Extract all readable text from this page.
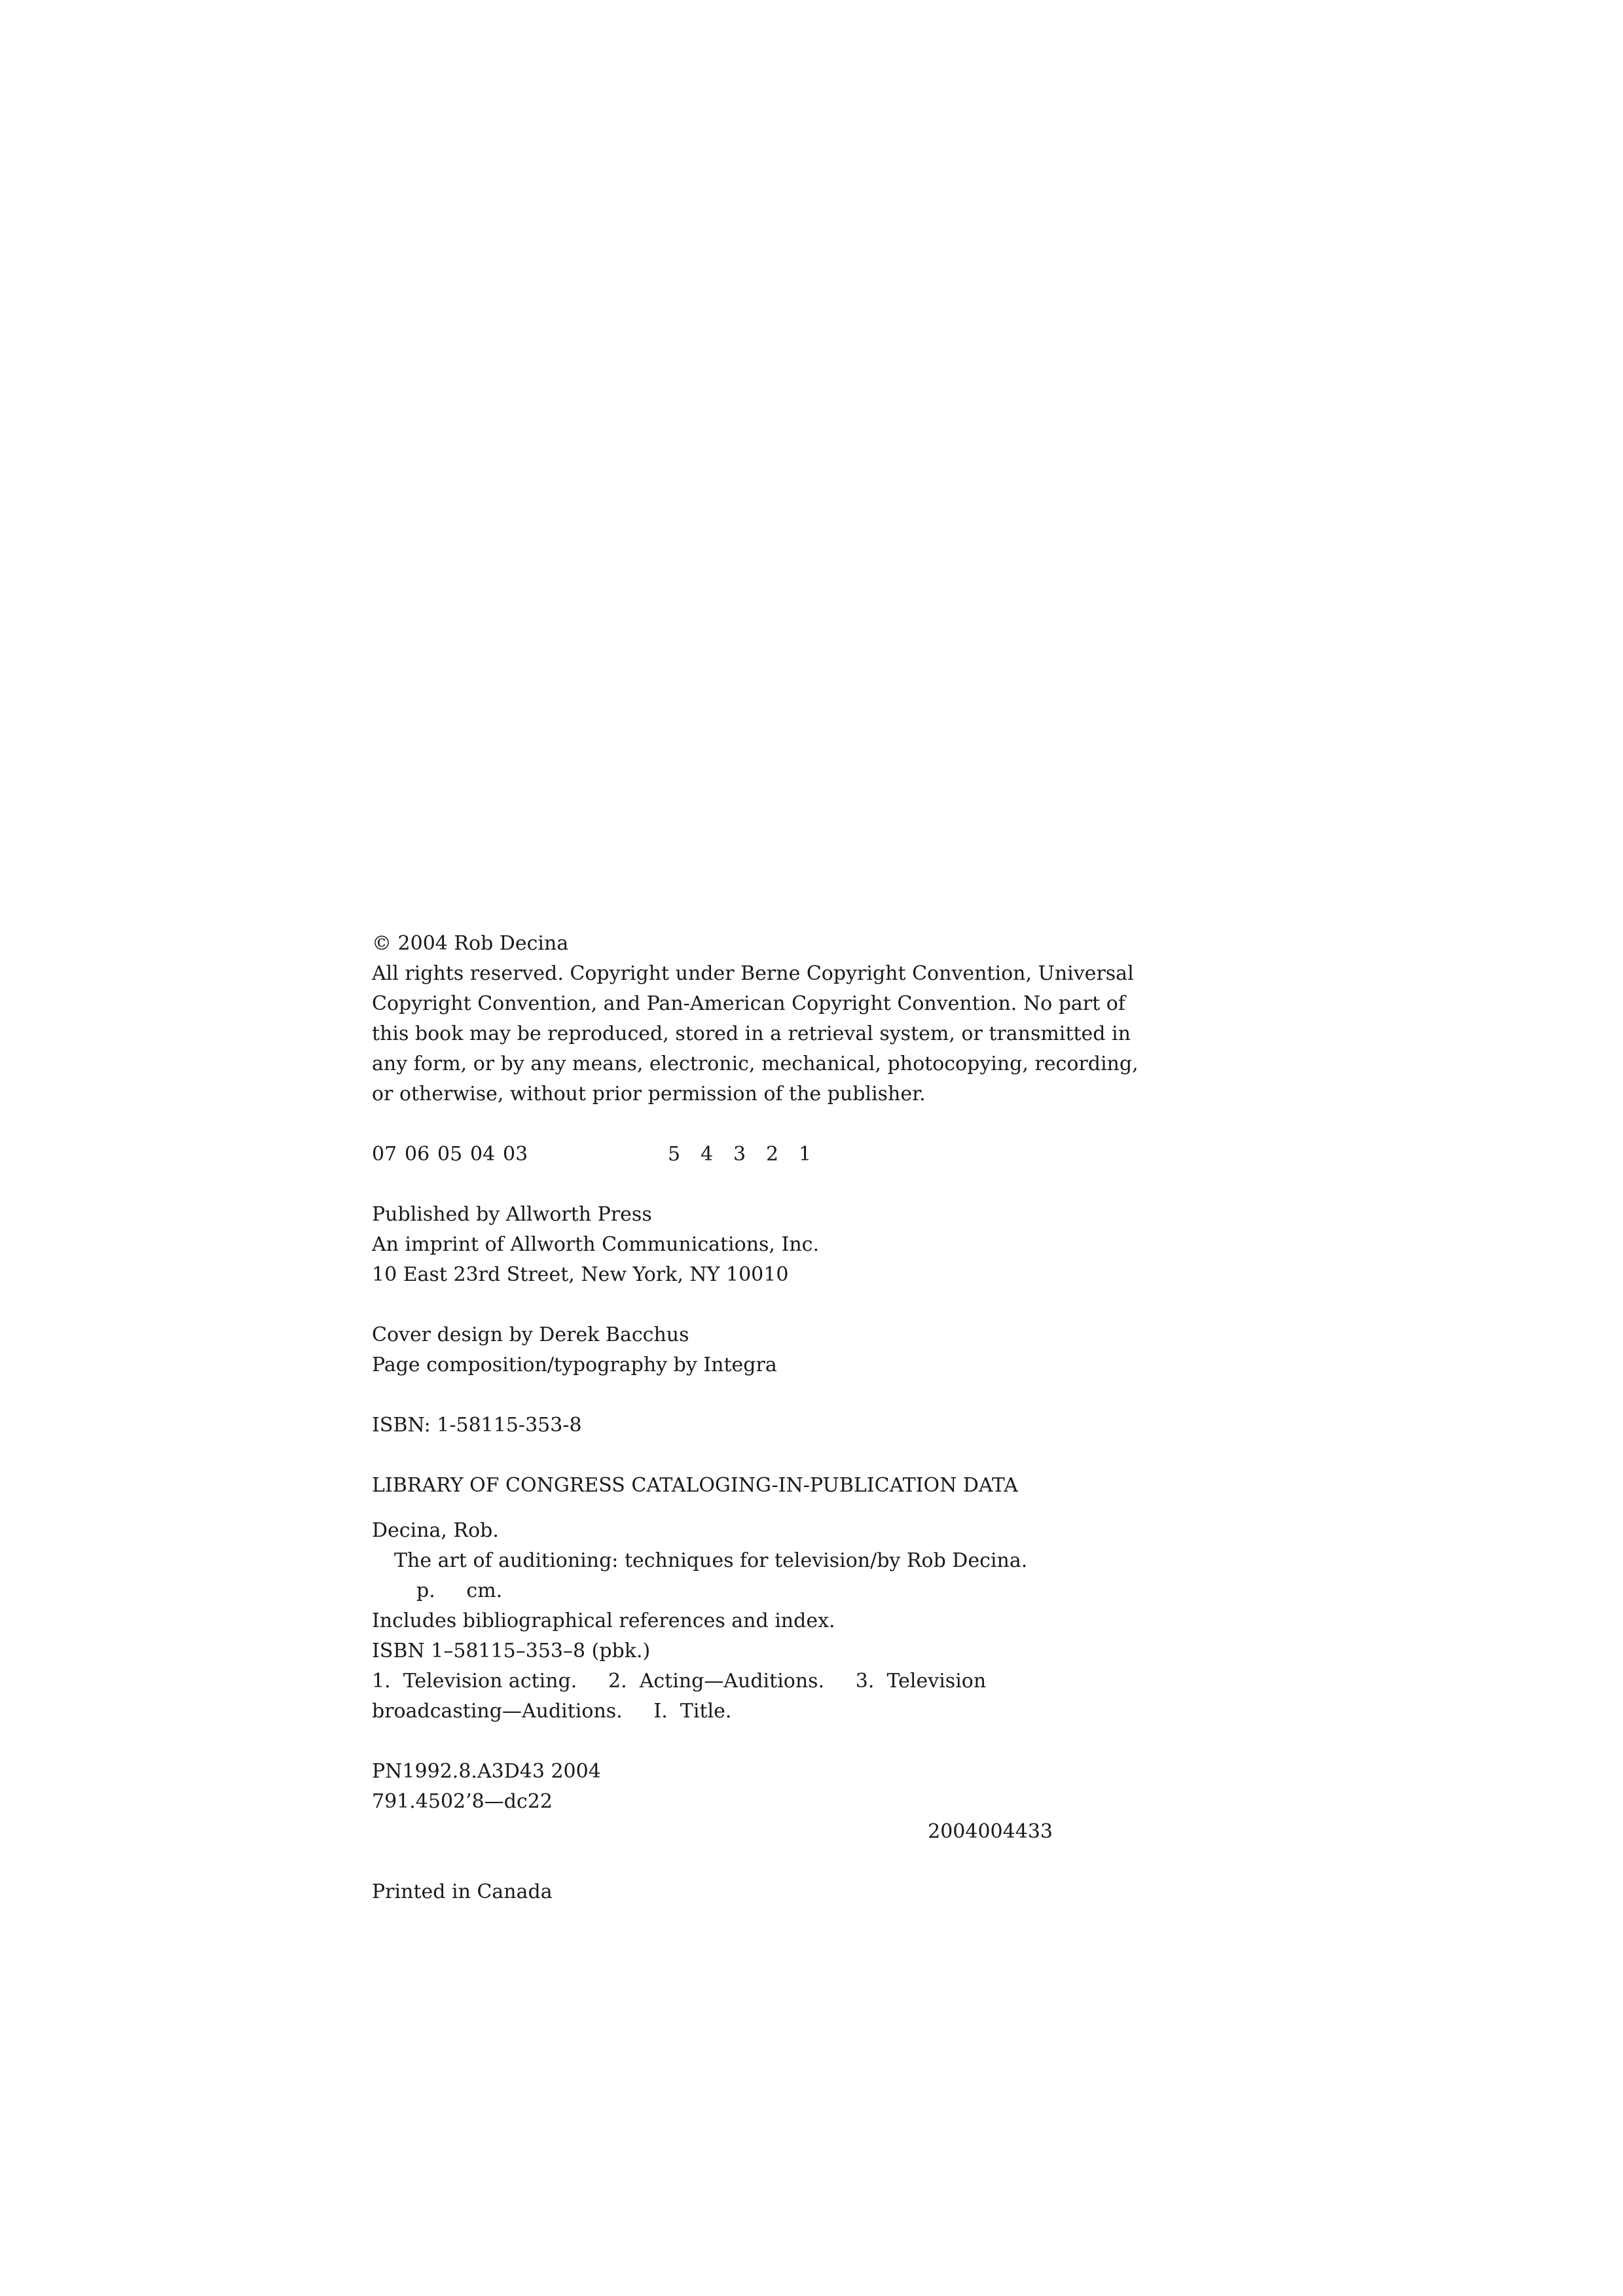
© 2004 Rob Decina
All rights reserved. Copyright under Berne Copyright Convention, Universal
Copyright Convention, and Pan-American Copyright Convention. No part of
this book may be reproduced, stored in a retrieval system, or transmitted in
any form, or by any means, electronic, mechanical, photocopying, recording,
or otherwise, without prior permission of the publisher.
07 06 05 04 03	5 4 3 2 1
Published by Allworth Press
An imprint of Allworth Communications, Inc.
10 East 23rd Street, New York, NY 10010
Cover design by Derek Bacchus
Page composition/typography by Integra
ISBN: 1-58115-353-8
LIBRARY OF CONGRESS CATALOGING-IN-PUBLICATION DATA
Decina, Rob.
The art of auditioning: techniques for television/by Rob Decina.
p.     cm.
Includes bibliographical references and index.
ISBN 1–58115–353–8 (pbk.)
1.  Television acting.     2.  Acting—Auditions.     3.  Television
broadcasting—Auditions.     I.  Title.
PN1992.8.A3D43 2004
791.4502’8—dc22
2004004433
Printed in Canada
